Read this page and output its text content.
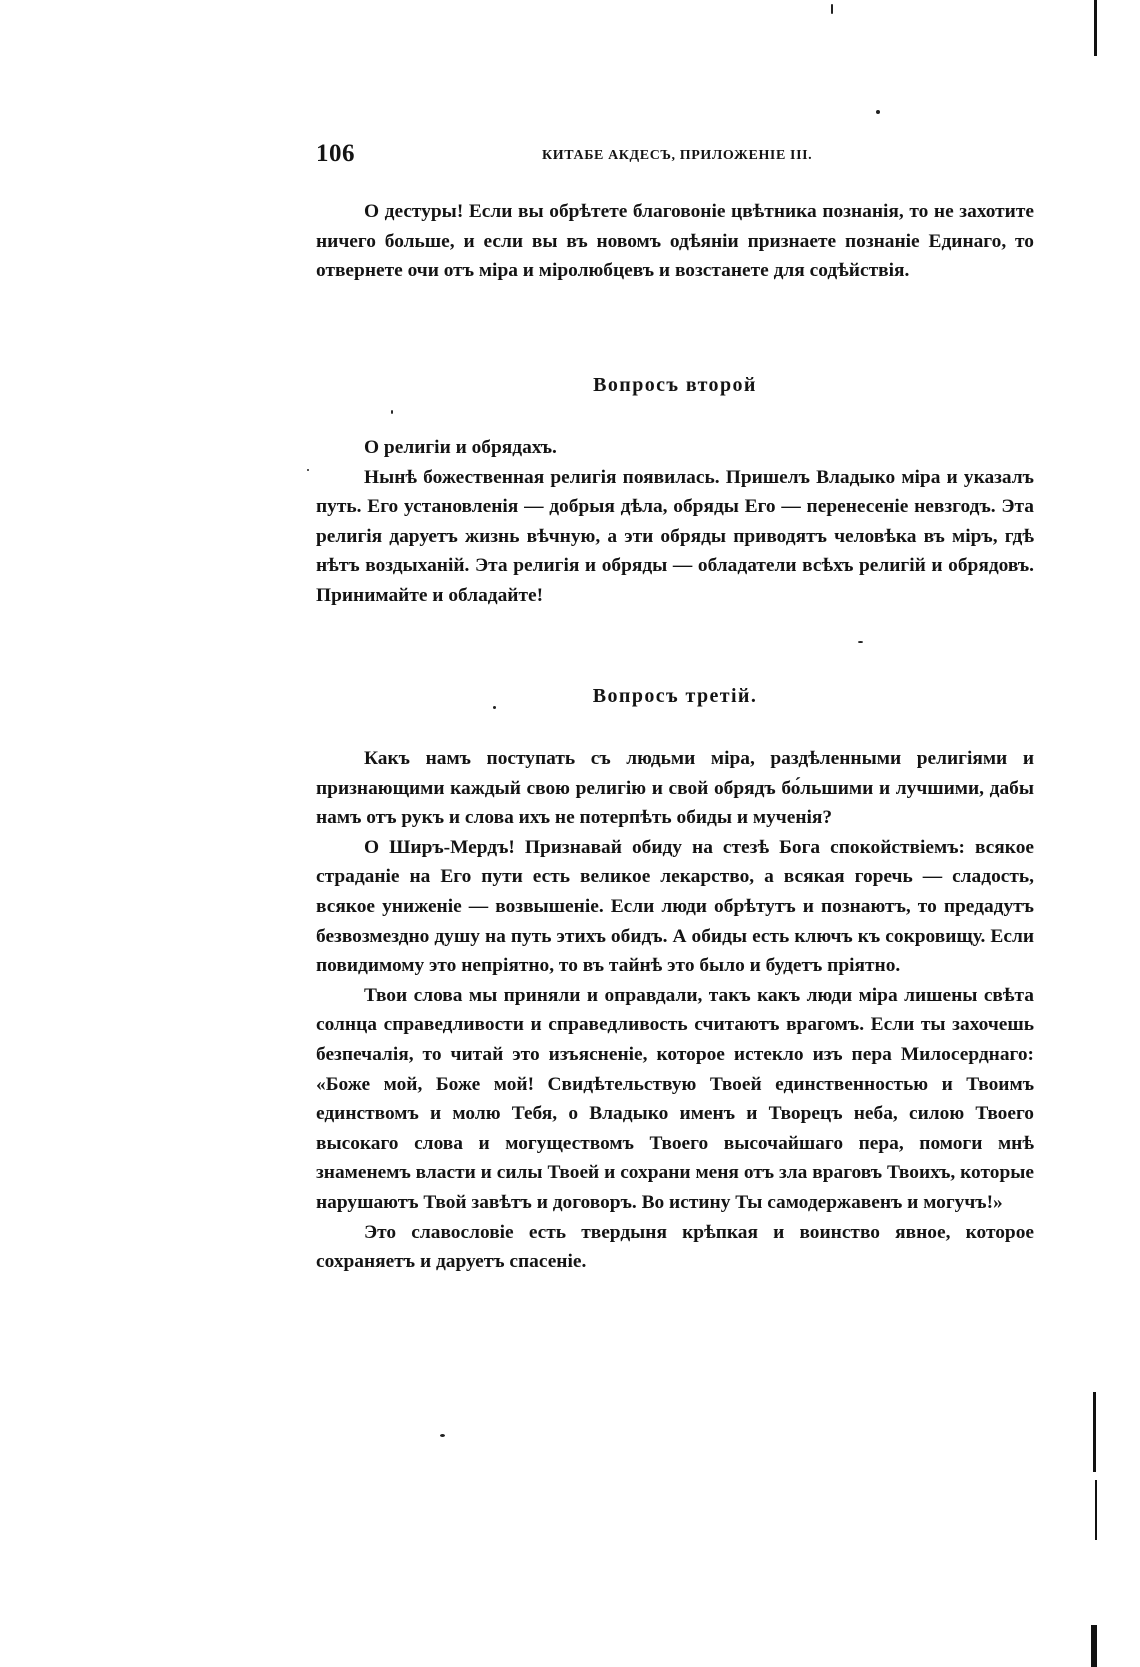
106	КИТАБЕ АКДЕСЪ, ПРИЛОЖЕНІЕ III.

О дестуры! Если вы обрѣтете благовоніе цвѣтника познанія, то не захотите ничего больше, и если вы въ новомъ одѣяніи признаете познаніе Единаго, то отвернете очи отъ міра и міролюбцевъ и возстанете для содѣйствія.

Вопросъ второй

О религіи и обрядахъ.

Нынѣ божественная религія появилась. Пришелъ Владыко міра и указалъ путь. Его установленія — добрыя дѣла, обряды Его — перенесеніе невзгодъ. Эта религія даруетъ жизнь вѣчную, а эти обряды приводятъ человѣка въ міръ, гдѣ нѣтъ воздыханій. Эта религія и обряды — обладатели всѣхъ религій и обрядовъ. Принимайте и обладайте!

Вопросъ третій.

Какъ намъ поступать съ людьми міра, раздѣленными религіями и признающими каждый свою религію и свой обрядъ бо́льшими и лучшими, дабы намъ отъ рукъ и слова ихъ не потерпѣть обиды и мученія?

О Ширъ-Мердъ! Признавай обиду на стезѣ Бога спокойствіемъ: всякое страданіе на Его пути есть великое лекарство, а всякая горечь — сладость, всякое униженіе — возвышеніе. Если люди обрѣтутъ и познаютъ, то предадутъ безвозмездно душу на путь этихъ обидъ. А обиды есть ключъ къ сокровищу. Если повидимому это непріятно, то въ тайнѣ это было и будетъ пріятно.

Твои слова мы приняли и оправдали, такъ какъ люди міра лишены свѣта солнца справедливости и справедливость считаютъ врагомъ. Если ты захочешь безпечалія, то читай это изъясненіе, которое истекло изъ пера Милосерднаго: «Боже мой, Боже мой! Свидѣтельствую Твоей единственностью и Твоимъ единствомъ и молю Тебя, о Владыко именъ и Творецъ неба, силою Твоего высокаго слова и могуществомъ Твоего высочайшаго пера, помоги мнѣ знаменемъ власти и силы Твоей и сохрани меня отъ зла враговъ Твоихъ, которые нарушаютъ Твой завѣтъ и договоръ. Во истину Ты самодержавенъ и могучъ!»

Это славословіе есть твердыня крѣпкая и воинство явное, которое сохраняетъ и даруетъ спасеніе.
